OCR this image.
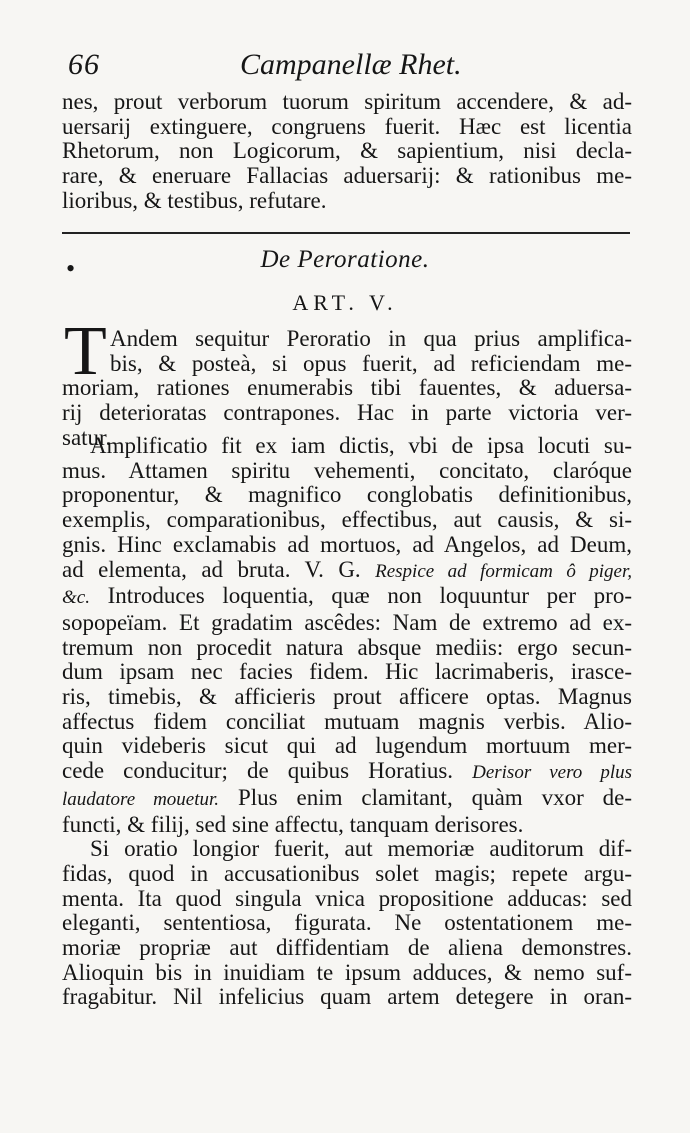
66	Campanellæ Rhet.
nes, prout verborum tuorum spiritum accendere, & ad-
uersarij extinguere, congruens fuerit. Hæc est licentia
Rhetorum, non Logicorum, & sapientium, nisi decla-
rare, & eneruare Fallacias aduersarij: & rationibus me-
lioribus, & testibus, refutare.
•	De Peroratione.
ART. V.
T Andem sequitur Peroratio in qua prius amplifica-
bis, & posteà, si opus fuerit, ad reficiendam me-
moriam, rationes enumerabis tibi fauentes, & aduersa-
rij deterioratas contrapones. Hac in parte victoria ver-
satur.
Amplificatio fit ex iam dictis, vbi de ipsa locuti su-
mus. Attamen spiritu vehementi, concitato, claróque
proponentur, & magnifico conglobatis definitionibus,
exemplis, comparationibus, effectibus, aut causis, & si-
gnis. Hinc exclamabis ad mortuos, ad Angelos, ad Deum,
ad elementa, ad bruta. V. G. Respice ad formicam ô piger,
&c. Introduces loquentia, quæ non loquuntur per pro-
sopopeïam. Et gradatim ascêdes: Nam de extremo ad ex-
tremum non procedit natura absque mediis: ergo secun-
dum ipsam nec facies fidem. Hic lacrimaberis, irasce-
ris, timebis, & afficieris prout afficere optas. Magnus
affectus fidem conciliat mutuam magnis verbis. Alio-
quin videberis sicut qui ad lugendum mortuum mer-
cede conducitur; de quibus Horatius. Derisor vero plus
laudatore mouetur. Plus enim clamitant, quàm vxor de-
functi, & filij, sed sine affectu, tanquam derisores.
Si oratio longior fuerit, aut memoriæ auditorum dif-
fidas, quod in accusationibus solet magis; repete argu-
menta. Ita quod singula vnica propositione adducas: sed
eleganti, sententiosa, figurata. Ne ostentationem me-
moriæ propriæ aut diffidentiam de aliena demonstres.
Alioquin bis in inuidiam te ipsum adduces, & nemo suf-
fragabitur. Nil infelicius quam artem detegere in oran-
